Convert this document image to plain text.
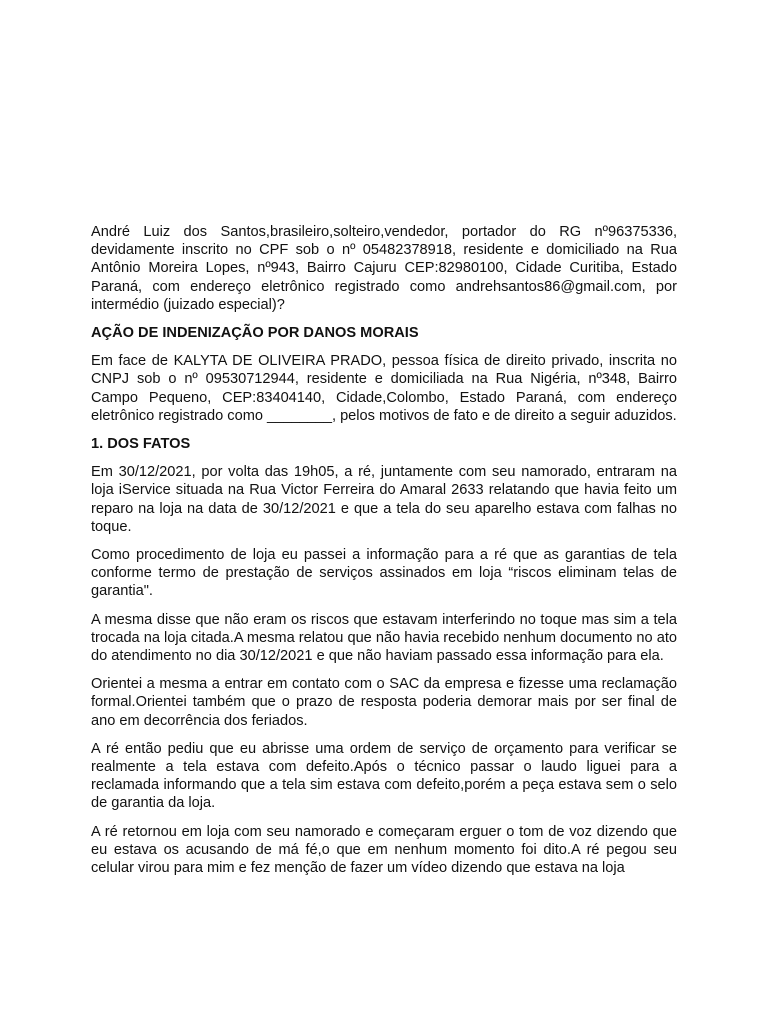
André Luiz dos Santos,brasileiro,solteiro,vendedor, portador do RG nº96375336, devidamente inscrito no CPF sob o nº 05482378918, residente e domiciliado na Rua Antônio Moreira Lopes, nº943, Bairro Cajuru CEP:82980100, Cidade Curitiba, Estado Paraná, com endereço eletrônico registrado como andrehsantos86@gmail.com, por intermédio (juizado especial)?

AÇÃO DE INDENIZAÇÃO POR DANOS MORAIS

Em face de KALYTA DE OLIVEIRA PRADO, pessoa física de direito privado, inscrita no CNPJ sob o nº 09530712944, residente e domiciliada na Rua Nigéria, nº348, Bairro Campo Pequeno, CEP:83404140, Cidade,Colombo, Estado Paraná, com endereço eletrônico registrado como ________, pelos motivos de fato e de direito a seguir aduzidos.

1. DOS FATOS

Em 30/12/2021, por volta das 19h05, a ré, juntamente com seu namorado, entraram na loja iService situada na Rua Victor Ferreira do Amaral 2633 relatando que havia feito um reparo na loja na data de 30/12/2021 e que a tela do seu aparelho estava com falhas no toque.

Como procedimento de loja eu passei a informação para a ré que as garantias de tela conforme termo de prestação de serviços assinados em loja “riscos eliminam telas de garantia".

A mesma disse que não eram os riscos que estavam interferindo no toque mas sim a tela trocada na loja citada.A mesma relatou que não havia recebido nenhum documento no ato do atendimento no dia 30/12/2021 e que não haviam passado essa informação para ela.

Orientei a mesma a entrar em contato com o SAC da empresa e fizesse uma reclamação formal.Orientei também que o prazo de resposta poderia demorar mais por ser final de ano em decorrência dos feriados.

A ré então pediu que eu abrisse uma ordem de serviço de orçamento para verificar se realmente a tela estava com defeito.Após o técnico passar o laudo liguei para a reclamada informando que a tela sim estava com defeito,porém a peça estava sem o selo de garantia da loja.

A ré retornou em loja com seu namorado e começaram erguer o tom de voz dizendo que eu estava os acusando de má fé,o que em nenhum momento foi dito.A ré pegou seu celular virou para mim e fez menção de fazer um vídeo dizendo que estava na loja
